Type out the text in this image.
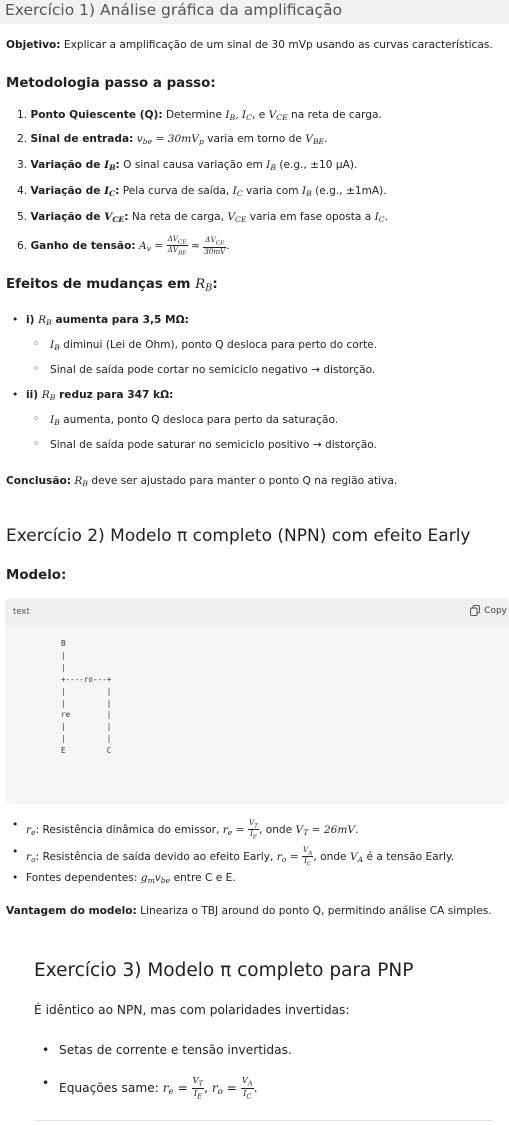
Exercício 1) Análise gráfica da amplificação
Objetivo: Explicar a amplificação de um sinal de 30 mVp usando as curvas características.
Metodologia passo a passo:
1. Ponto Quiescente (Q): Determine $I_B$, $I_C$, e $V_{CE}$ na reta de carga.
2. Sinal de entrada: $v_{be} = 30mV_p$ varia em torno de $V_{BE}$.
3. Variação de $I_B$: O sinal causa variação em $I_B$ (e.g., ±10 μA).
4. Variação de $I_C$: Pela curva de saída, $I_C$ varia com $I_B$ (e.g., ±1mA).
5. Variação de $V_{CE}$: Na reta de carga, $V_{CE}$ varia em fase oposta a $I_C$.
6. Ganho de tensão: $A_v = \frac{\Delta V_{CE}}{\Delta V_{BE}} \approx \frac{\Delta V_{CE}}{30mV}$ .
Efeitos de mudanças em $R_B$:
• i) $R_B$ aumenta para 3,5 MΩ:
◦ $I_B$ diminui (Lei de Ohm), ponto Q desloca para perto do corte.
◦ Sinal de saída pode cortar no semiciclo negativo → distorção.
• ii) $R_B$ reduz para 347 kΩ:
◦ $I_B$ aumenta, ponto Q desloca para perto da saturação.
◦ Sinal de saída pode saturar no semiciclo positivo → distorção.
Conclusão: $R_B$ deve ser ajustado para manter o ponto Q na região ativa.
Exercício 2) Modelo π completo (NPN) com efeito Early
Modelo:
text	Copy
B
|
|
+----ro---+
|         |
|         |
re        |
|         |
|         |
E         C
• $r_e$: Resistência dinâmica do emissor, $r_e = \frac{V_T}{I_E}$ , onde $V_T = 26mV$.
• $r_o$: Resistência de saída devido ao efeito Early, $r_o = \frac{V_A}{I_C}$ , onde $V_A$ é a tensão Early.
• Fontes dependentes: $g_mv_{be}$ entre C e E.
Vantagem do modelo: Lineariza o TBJ around do ponto Q, permitindo análise CA simples.
Exercício 3) Modelo π completo para PNP
É idêntico ao NPN, mas com polaridades invertidas:
• Setas de corrente e tensão invertidas.
• Equações same: $r_e = \frac{V_T}{I_E}$ , $r_o = \frac{V_A}{I_C}$ .
